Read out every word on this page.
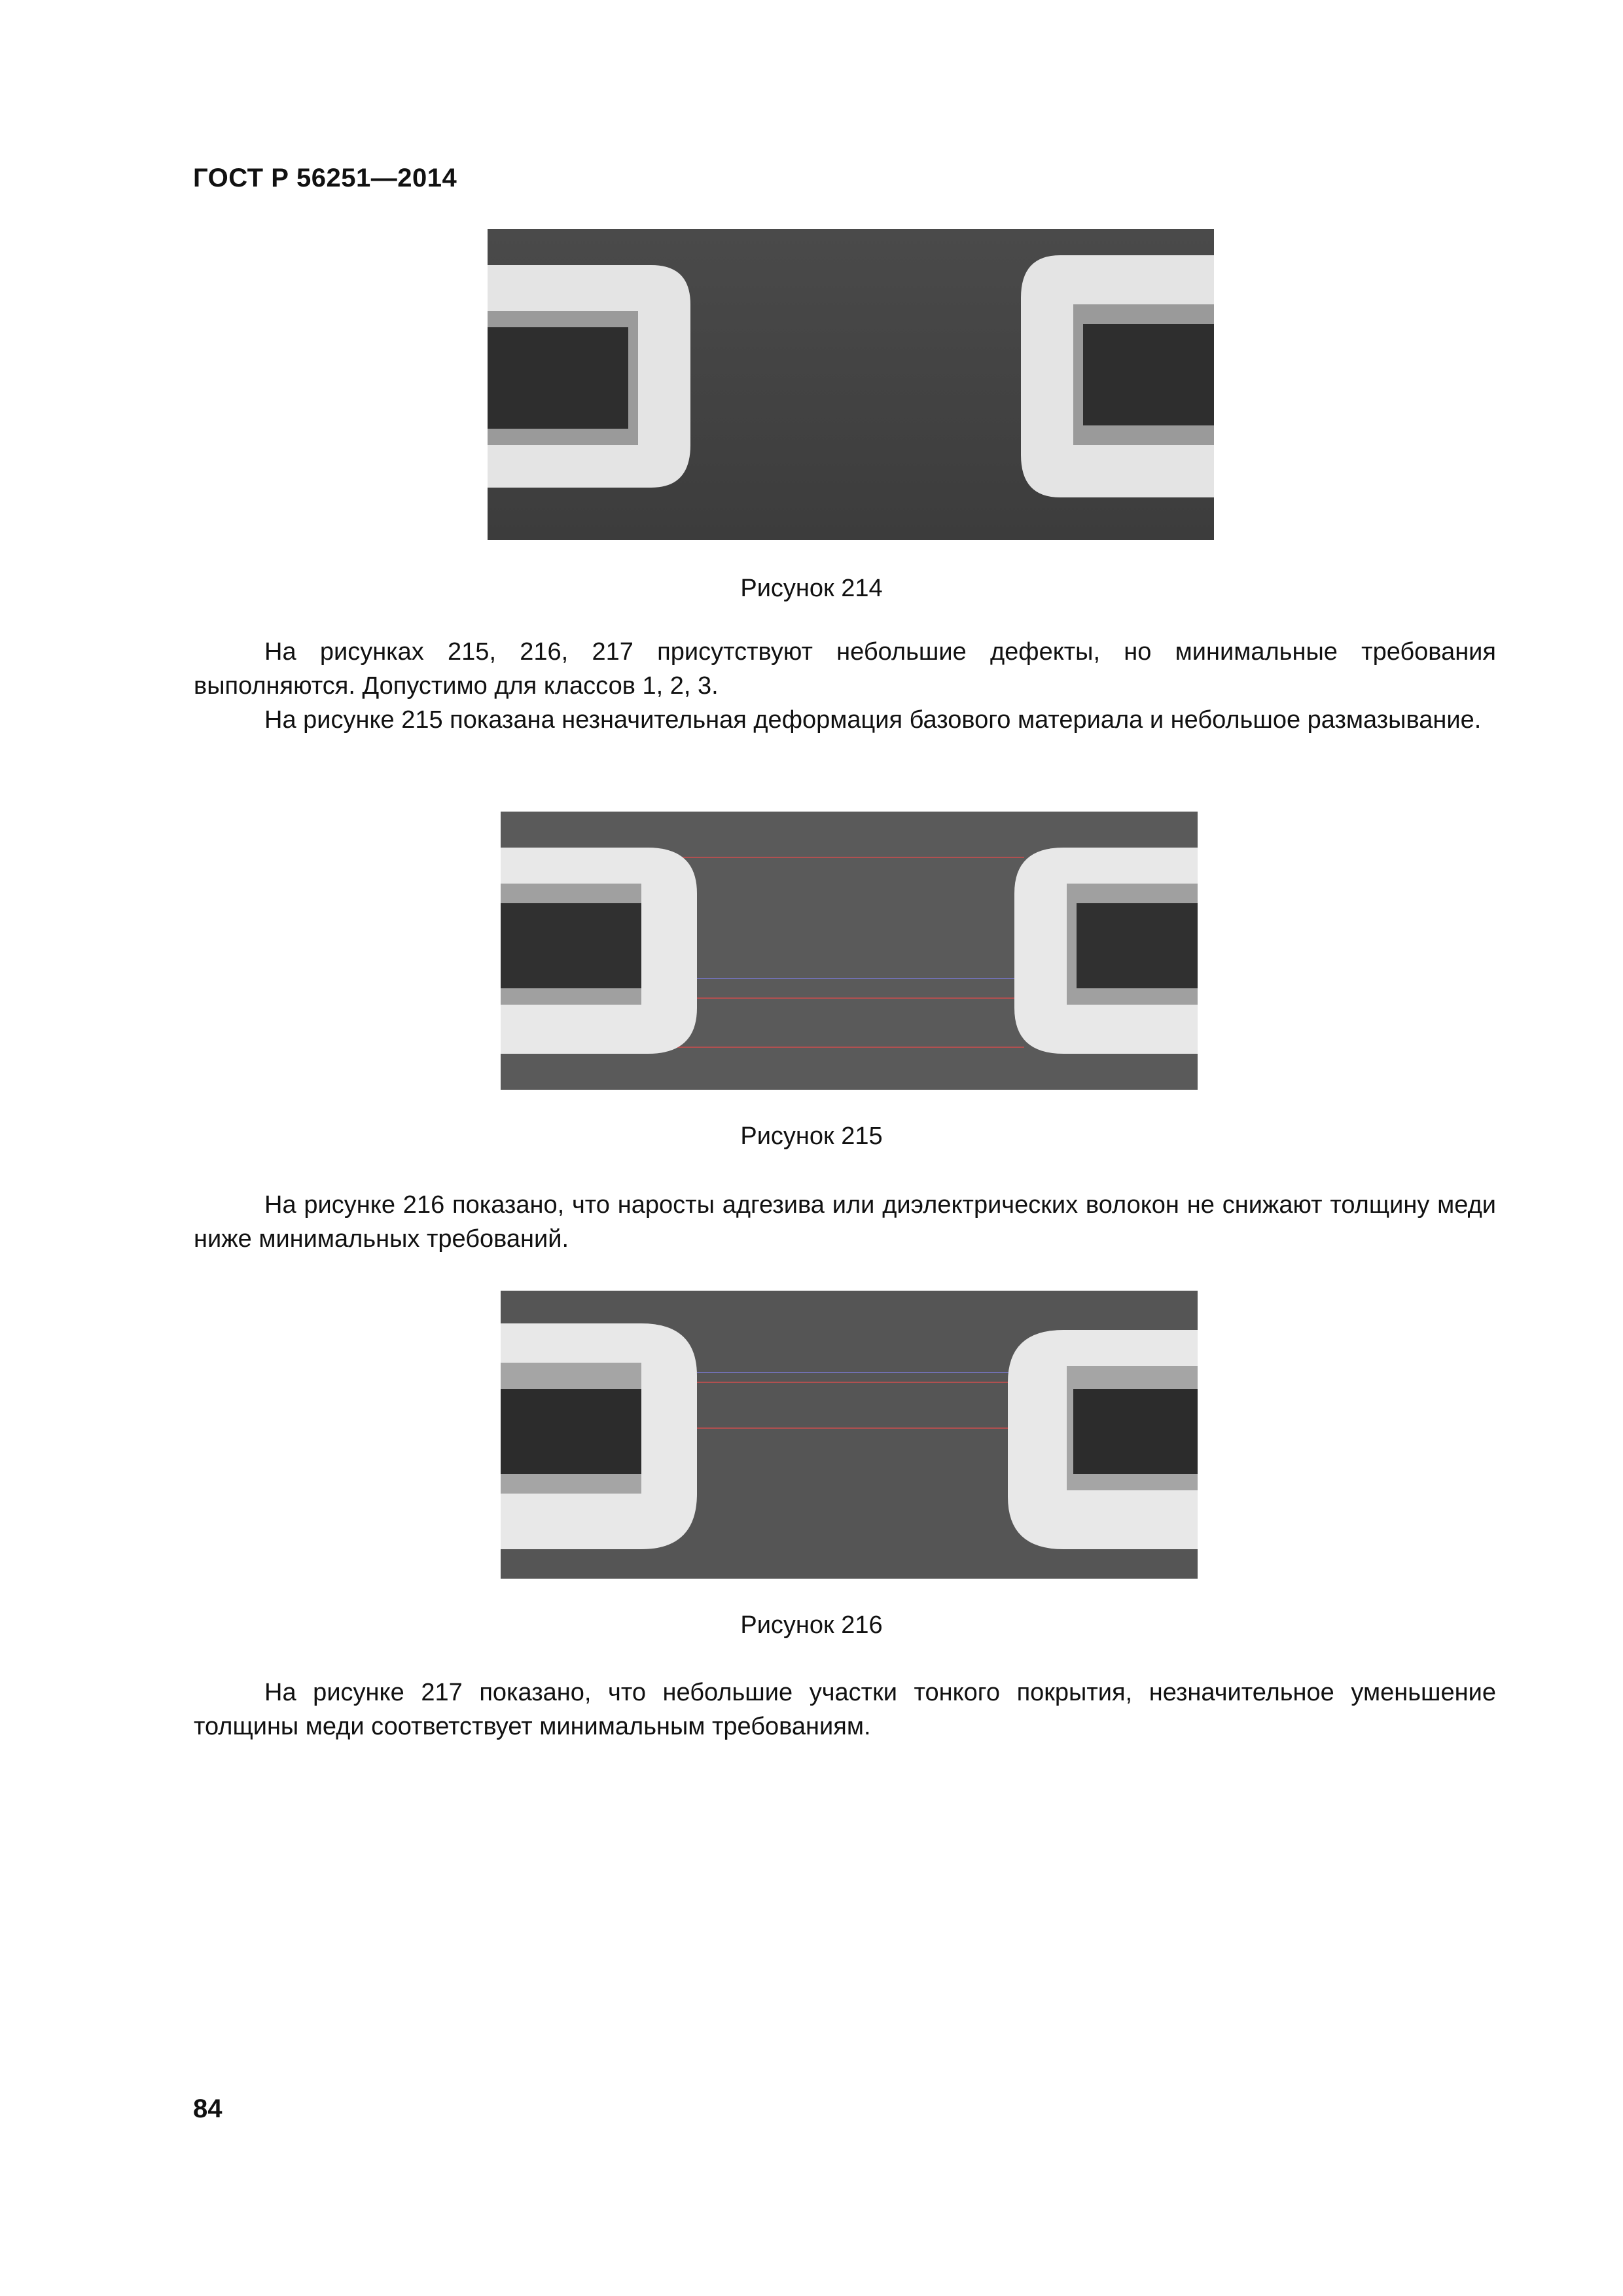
ГОСТ Р 56251—2014
Рисунок 214

На рисунках 215, 216, 217 присутствуют небольшие дефекты, но минимальные требования выполняются. Допустимо для классов 1, 2, 3.

На рисунке 215 показана незначительная деформация базового материала и небольшое размазывание.

Рисунок 215

На рисунке 216 показано, что наросты адгезива или диэлектрических волокон не снижают толщину меди ниже минимальных требований.

Рисунок 216

На рисунке 217 показано, что небольшие участки тонкого покрытия, незначительное уменьшение толщины меди соответствует минимальным требованиям.

84
